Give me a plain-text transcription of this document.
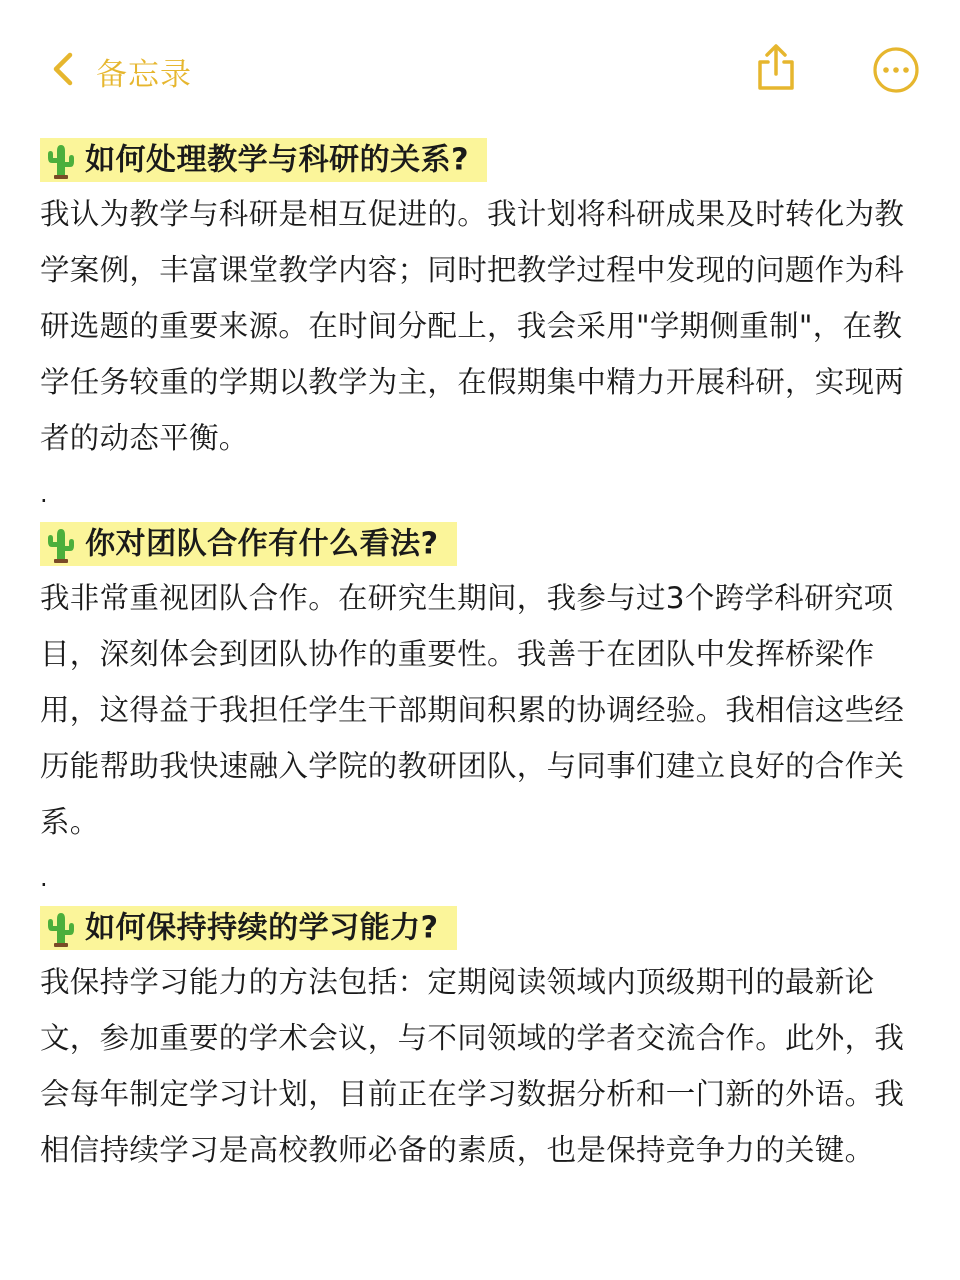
备忘录
如何处理教学与科研的关系?

我认为教学与科研是相互促进的。我计划将科研成果及时转化为教学案例，丰富课堂教学内容；同时把教学过程中发现的问题作为科研选题的重要来源。在时间分配上，我会采用"学期侧重制"，在教学任务较重的学期以教学为主，在假期集中精力开展科研，实现两者的动态平衡。

.

你对团队合作有什么看法?

我非常重视团队合作。在研究生期间，我参与过3个跨学科研究项目，深刻体会到团队协作的重要性。我善于在团队中发挥桥梁作用，这得益于我担任学生干部期间积累的协调经验。我相信这些经历能帮助我快速融入学院的教研团队，与同事们建立良好的合作关系。

.

如何保持持续的学习能力?

我保持学习能力的方法包括：定期阅读领域内顶级期刊的最新论文，参加重要的学术会议，与不同领域的学者交流合作。此外，我会每年制定学习计划，目前正在学习数据分析和一门新的外语。我相信持续学习是高校教师必备的素质，也是保持竞争力的关键。
